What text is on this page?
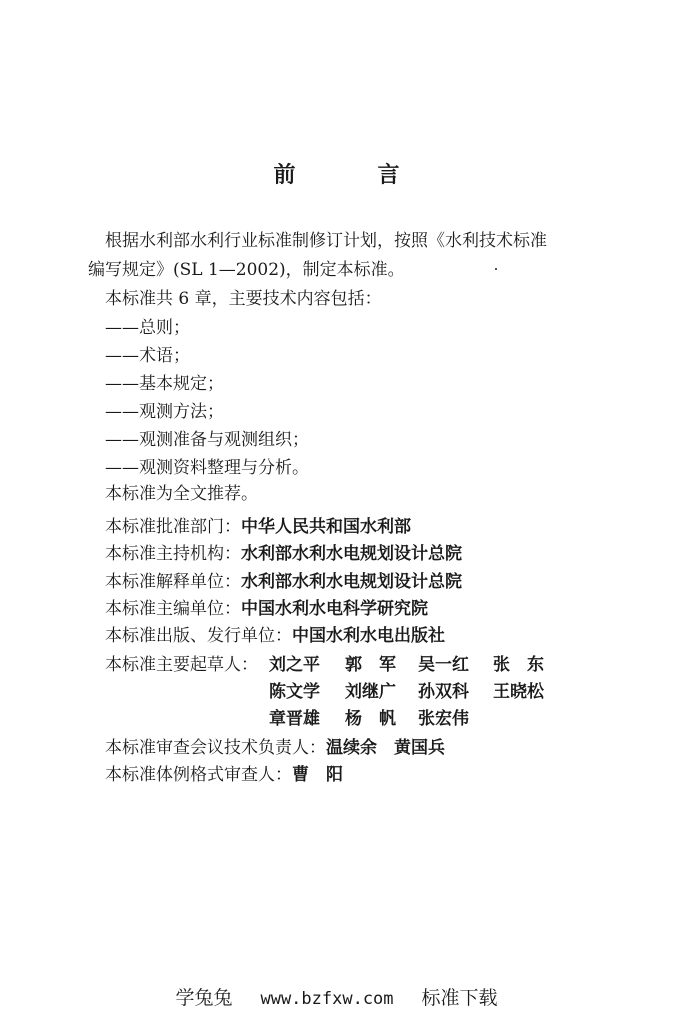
前　言
根据水利部水利行业标准制修订计划，按照《水利技术标准
编写规定》(SL 1—2002)，制定本标准。
本标准共 6 章，主要技术内容包括：
——总则；
——术语；
——基本规定；
——观测方法；
——观测准备与观测组织；
——观测资料整理与分析。
本标准为全文推荐。
本标准批准部门：中华人民共和国水利部
本标准主持机构：水利部水利水电规划设计总院
本标准解释单位：水利部水利水电规划设计总院
本标准主编单位：中国水利水电科学研究院
本标准出版、发行单位：中国水利水电出版社
本标准主要起草人： 刘之平 郭　军 吴一红 张　东
陈文学 刘继广 孙双科 王晓松
章晋雄 杨　帆 张宏伟
本标准审查会议技术负责人：温续余　黄国兵
本标准体例格式审查人：曹　阳
学兔兔 www.bzfxw.com 标准下载
